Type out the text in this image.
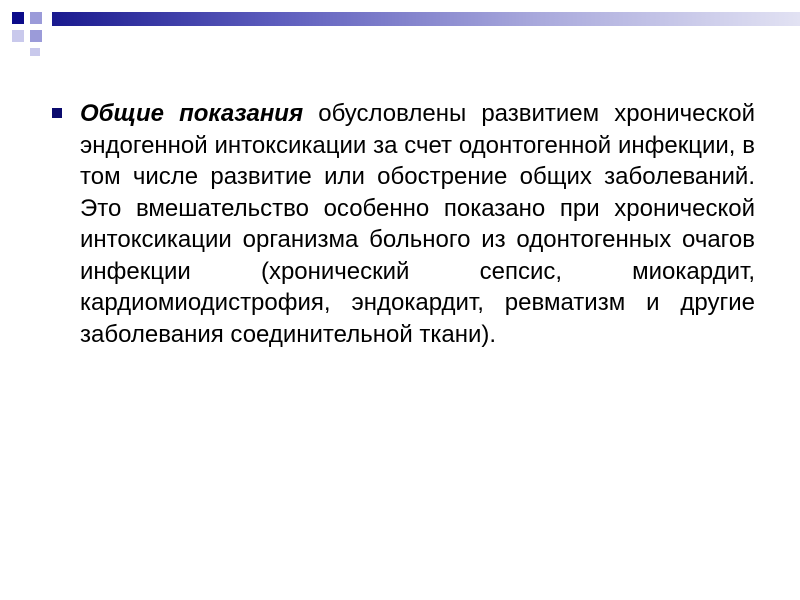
Общие показания обусловлены развитием хронической эндогенной интоксикации за счет одонтогенной инфекции, в том числе развитие или обострение общих заболеваний. Это вмешательство особенно показано при хронической интоксикации организма больного из одонтогенных очагов инфекции (хронический сепсис, миокардит, кардиомиодистрофия, эндокардит, ревматизм и другие заболевания соединительной ткани).
